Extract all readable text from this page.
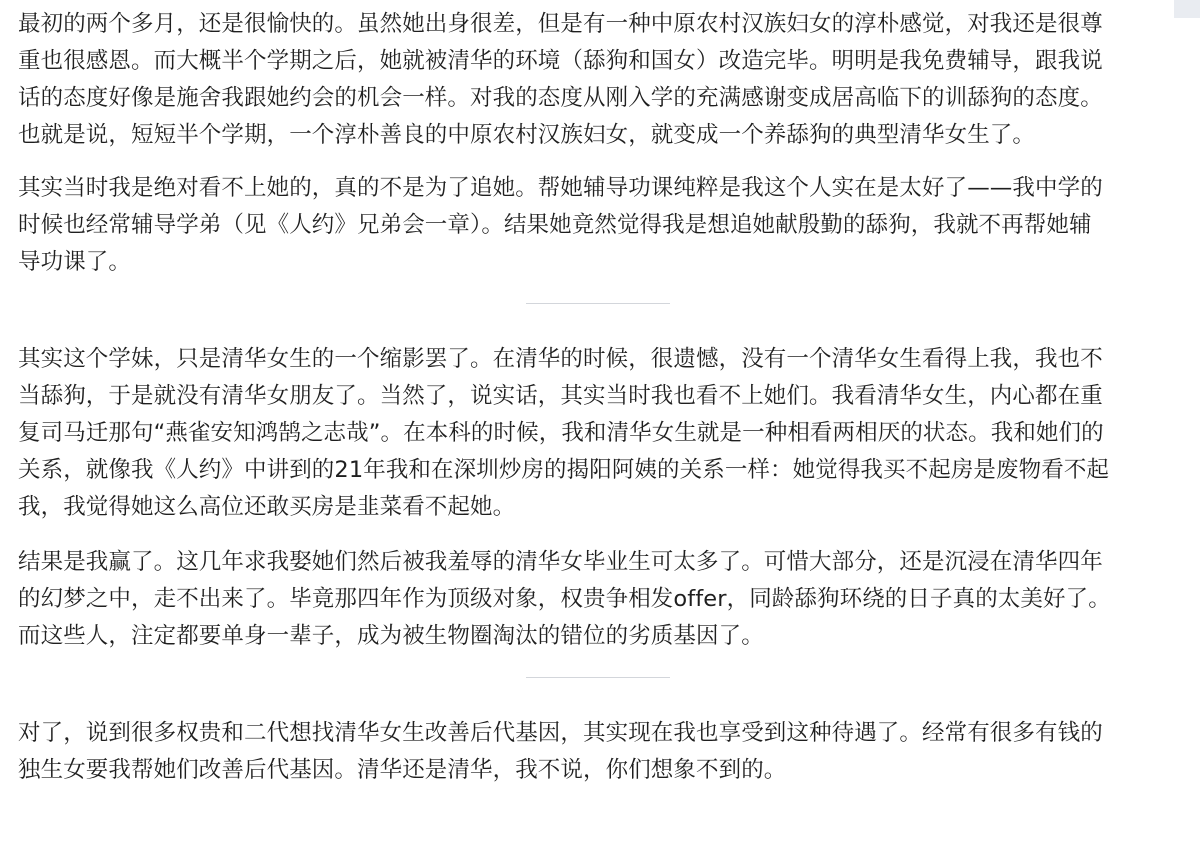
最初的两个多月，还是很愉快的。虽然她出身很差，但是有一种中原农村汉族妇女的淳朴感觉，对我还是很尊
重也很感恩。而大概半个学期之后，她就被清华的环境（舔狗和国女）改造完毕。明明是我免费辅导，跟我说
话的态度好像是施舍我跟她约会的机会一样。对我的态度从刚入学的充满感谢变成居高临下的训舔狗的态度。
也就是说，短短半个学期，一个淳朴善良的中原农村汉族妇女，就变成一个养舔狗的典型清华女生了。

其实当时我是绝对看不上她的，真的不是为了追她。帮她辅导功课纯粹是我这个人实在是太好了——我中学的
时候也经常辅导学弟（见《人约》兄弟会一章）。结果她竟然觉得我是想追她献殷勤的舔狗，我就不再帮她辅
导功课了。

其实这个学妹，只是清华女生的一个缩影罢了。在清华的时候，很遗憾，没有一个清华女生看得上我，我也不
当舔狗，于是就没有清华女朋友了。当然了，说实话，其实当时我也看不上她们。我看清华女生，内心都在重
复司马迁那句“燕雀安知鸿鹄之志哉”。在本科的时候，我和清华女生就是一种相看两相厌的状态。我和她们的
关系，就像我《人约》中讲到的21年我和在深圳炒房的揭阳阿姨的关系一样：她觉得我买不起房是废物看不起
我，我觉得她这么高位还敢买房是韭菜看不起她。

结果是我赢了。这几年求我娶她们然后被我羞辱的清华女毕业生可太多了。可惜大部分，还是沉浸在清华四年
的幻梦之中，走不出来了。毕竟那四年作为顶级对象，权贵争相发offer，同龄舔狗环绕的日子真的太美好了。
而这些人，注定都要单身一辈子，成为被生物圈淘汰的错位的劣质基因了。

对了，说到很多权贵和二代想找清华女生改善后代基因，其实现在我也享受到这种待遇了。经常有很多有钱的
独生女要我帮她们改善后代基因。清华还是清华，我不说，你们想象不到的。
